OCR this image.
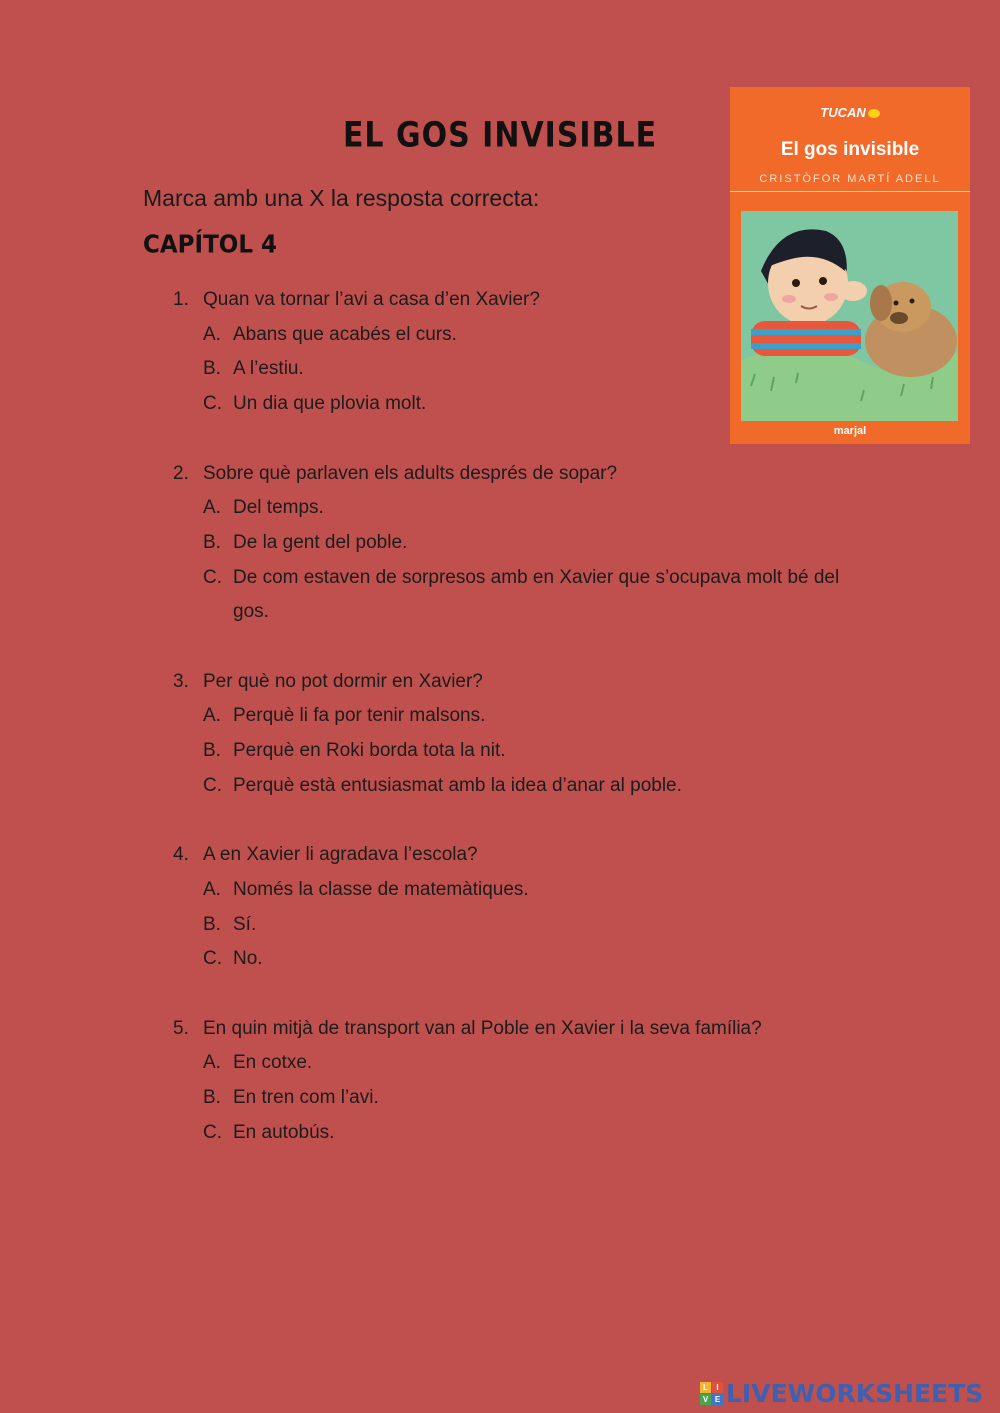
EL GOS INVISIBLE
Marca amb una X la resposta correcta:
CAPÍTOL 4
1. Quan va tornar l’avi a casa d’en Xavier?
A. Abans que acabés el curs.
B. A l’estiu.
C. Un dia que plovia molt.
2. Sobre què parlaven els adults després de sopar?
A. Del temps.
B. De la gent del poble.
C. De com estaven de sorpresos amb en Xavier que s’ocupava molt bé del gos.
3. Per què no pot dormir en Xavier?
A. Perquè li fa por tenir malsons.
B. Perquè en Roki borda tota la nit.
C. Perquè està entusiasmat amb la idea d’anar al poble.
4. A en Xavier li agradava l’escola?
A. Només la classe de matemàtiques.
B. Sí.
C. No.
5. En quin mitjà de transport van al Poble en Xavier i la seva família?
A. En cotxe.
B. En tren com l’avi.
C. En autobús.
TUCAN
El gos invisible
CRISTÒFOR MARTÍ ADELL
marjal
L	I
V E LIVEWORKSHEETS
